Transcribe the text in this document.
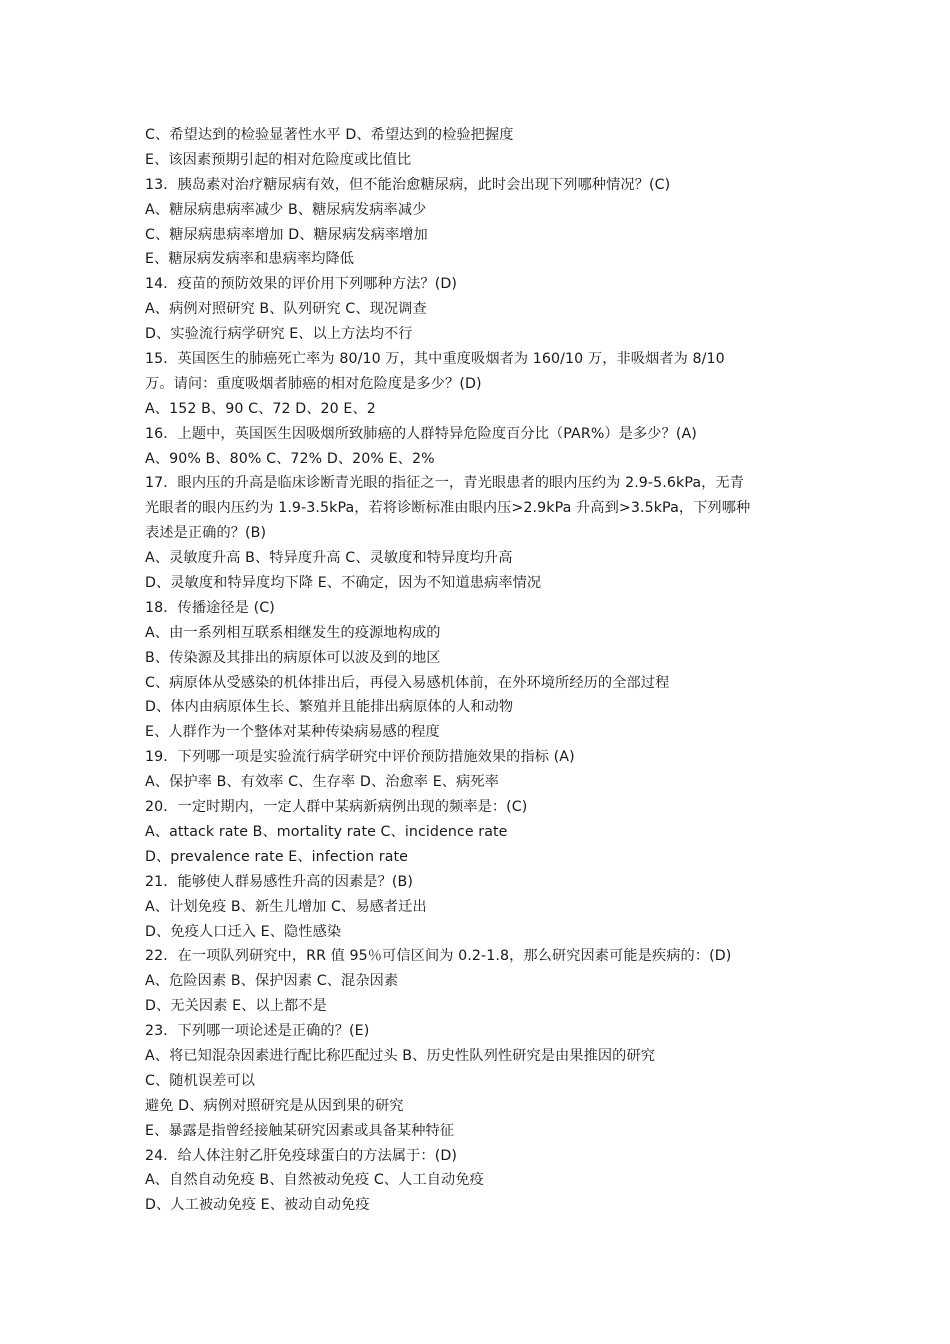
C、希望达到的检验显著性水平 D、希望达到的检验把握度
E、该因素预期引起的相对危险度或比值比
13．胰岛素对治疗糖尿病有效，但不能治愈糖尿病，此时会出现下列哪种情况？(C)
A、糖尿病患病率减少 B、糖尿病发病率减少
C、糖尿病患病率增加 D、糖尿病发病率增加
E、糖尿病发病率和患病率均降低
14．疫苗的预防效果的评价用下列哪种方法？(D)
A、病例对照研究 B、队列研究 C、现况调查
D、实验流行病学研究 E、以上方法均不行
15．英国医生的肺癌死亡率为 80/10 万，其中重度吸烟者为 160/10 万，非吸烟者为 8/10
万。请问：重度吸烟者肺癌的相对危险度是多少？(D)
A、152 B、90 C、72 D、20 E、2
16．上题中，英国医生因吸烟所致肺癌的人群特异危险度百分比（PAR%）是多少？(A)
A、90% B、80% C、72% D、20% E、2%
17．眼内压的升高是临床诊断青光眼的指征之一，青光眼患者的眼内压约为 2.9-5.6kPa，无青
光眼者的眼内压约为 1.9-3.5kPa，若将诊断标准由眼内压>2.9kPa 升高到>3.5kPa，下列哪种
表述是正确的？(B)
A、灵敏度升高 B、特异度升高 C、灵敏度和特异度均升高
D、灵敏度和特异度均下降 E、不确定，因为不知道患病率情况
18．传播途径是 (C)
A、由一系列相互联系相继发生的疫源地构成的
B、传染源及其排出的病原体可以波及到的地区
C、病原体从受感染的机体排出后，再侵入易感机体前，在外环境所经历的全部过程
D、体内由病原体生长、繁殖并且能排出病原体的人和动物
E、人群作为一个整体对某种传染病易感的程度
19．下列哪一项是实验流行病学研究中评价预防措施效果的指标 (A)
A、保护率 B、有效率 C、生存率 D、治愈率 E、病死率
20．一定时期内，一定人群中某病新病例出现的频率是：(C)
A、attack rate B、mortality rate C、incidence rate
D、prevalence rate E、infection rate
21．能够使人群易感性升高的因素是？(B)
A、计划免疫 B、新生儿增加 C、易感者迁出
D、免疫人口迁入 E、隐性感染
22．在一项队列研究中，RR 值 95％可信区间为 0.2-1.8，那么研究因素可能是疾病的：(D)
A、危险因素 B、保护因素 C、混杂因素
D、无关因素 E、以上都不是
23．下列哪一项论述是正确的？(E)
A、将已知混杂因素进行配比称匹配过头 B、历史性队列性研究是由果推因的研究
C、随机误差可以
避免 D、病例对照研究是从因到果的研究
E、暴露是指曾经接触某研究因素或具备某种特征
24．给人体注射乙肝免疫球蛋白的方法属于：(D)
A、自然自动免疫 B、自然被动免疫 C、人工自动免疫
D、人工被动免疫 E、被动自动免疫
